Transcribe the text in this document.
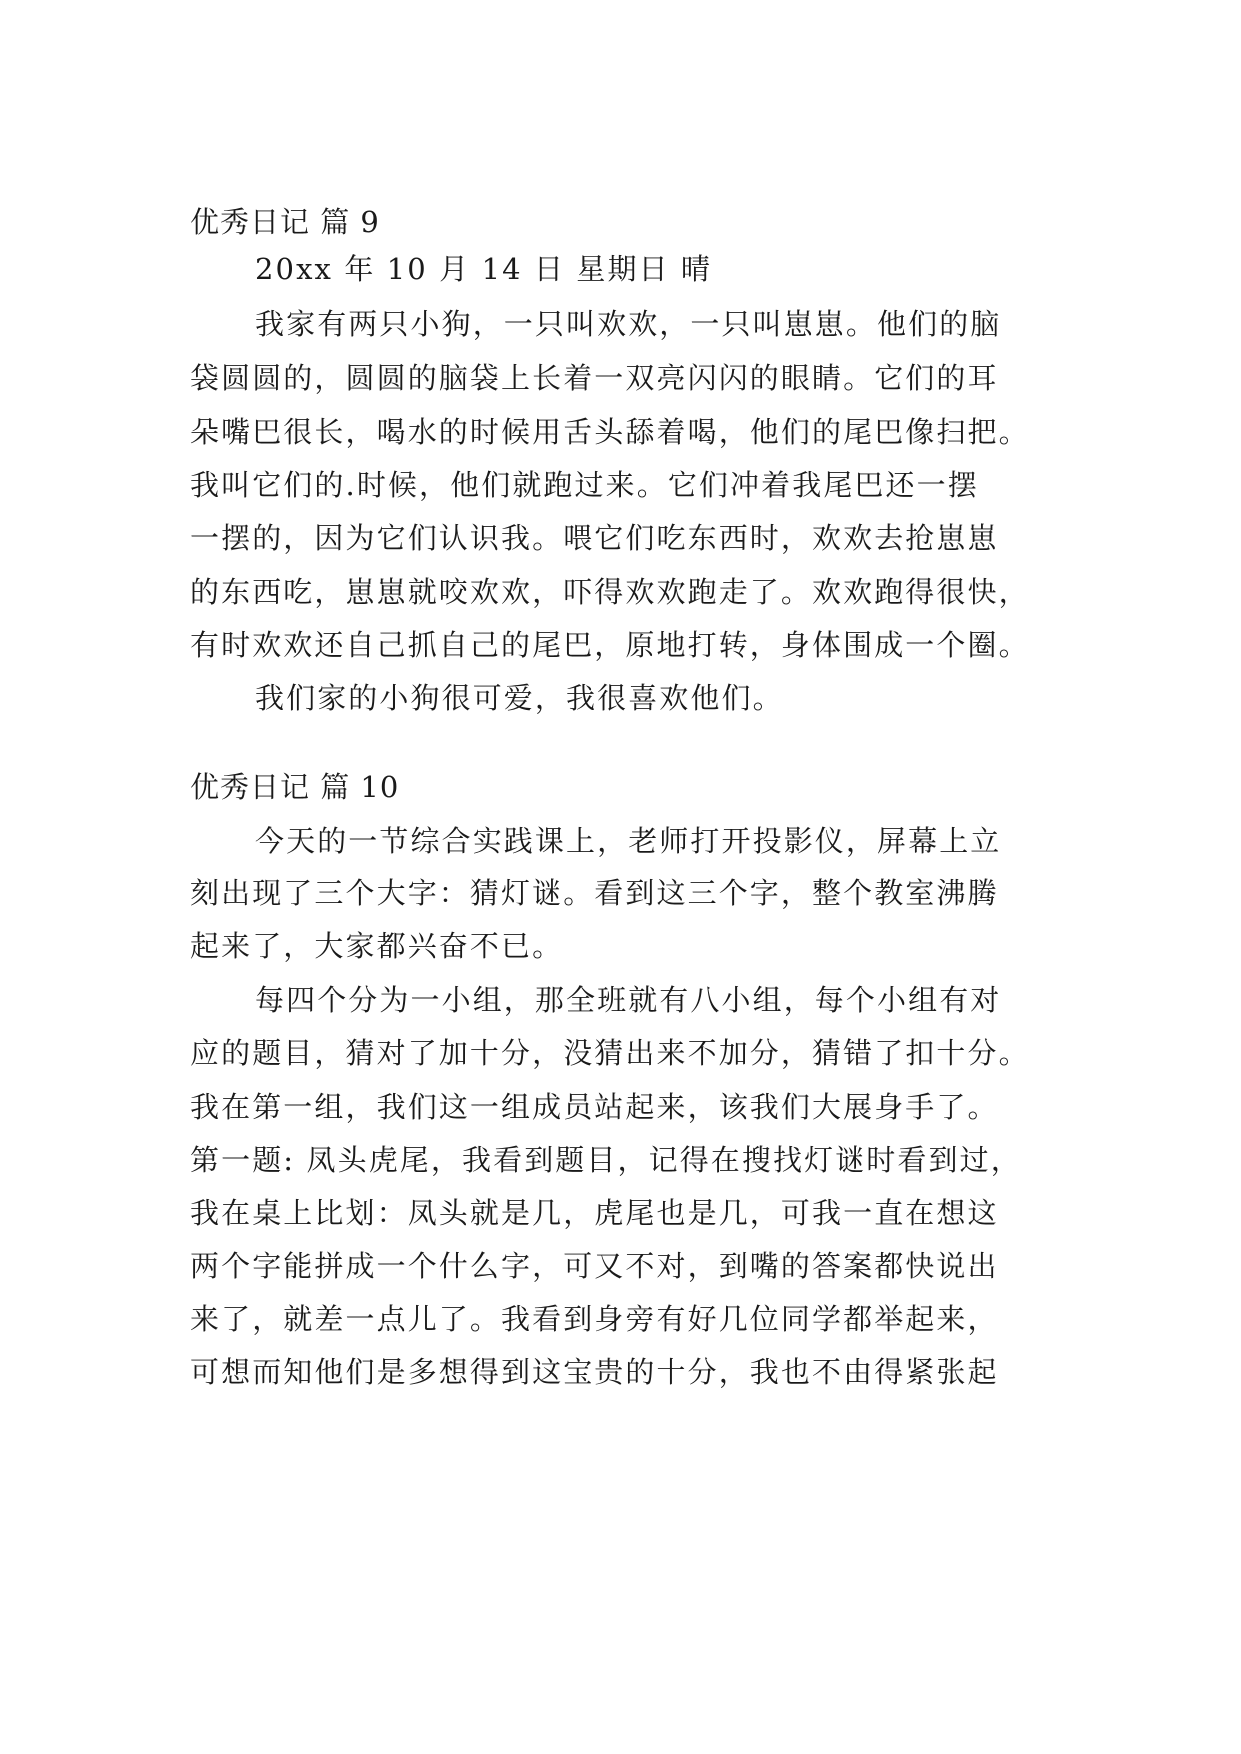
优秀日记 篇 9
20xx 年 10 月 14 日 星期日 晴
我家有两只小狗，一只叫欢欢，一只叫崽崽。他们的脑
袋圆圆的，圆圆的脑袋上长着一双亮闪闪的眼睛。它们的耳
朵嘴巴很长，喝水的时候用舌头舔着喝，他们的尾巴像扫把。
我叫它们的.时候，他们就跑过来。它们冲着我尾巴还一摆
一摆的，因为它们认识我。喂它们吃东西时，欢欢去抢崽崽
的东西吃，崽崽就咬欢欢，吓得欢欢跑走了。欢欢跑得很快，
有时欢欢还自己抓自己的尾巴，原地打转，身体围成一个圈。
我们家的小狗很可爱，我很喜欢他们。
优秀日记 篇 10
今天的一节综合实践课上，老师打开投影仪，屏幕上立
刻出现了三个大字：猜灯谜。看到这三个字，整个教室沸腾
起来了，大家都兴奋不已。
每四个分为一小组，那全班就有八小组，每个小组有对
应的题目，猜对了加十分，没猜出来不加分，猜错了扣十分。
我在第一组，我们这一组成员站起来，该我们大展身手了。
第一题: 凤头虎尾，我看到题目，记得在搜找灯谜时看到过，
我在桌上比划：凤头就是几，虎尾也是几，可我一直在想这
两个字能拼成一个什么字，可又不对，到嘴的答案都快说出
来了，就差一点儿了。我看到身旁有好几位同学都举起来，
可想而知他们是多想得到这宝贵的十分，我也不由得紧张起
